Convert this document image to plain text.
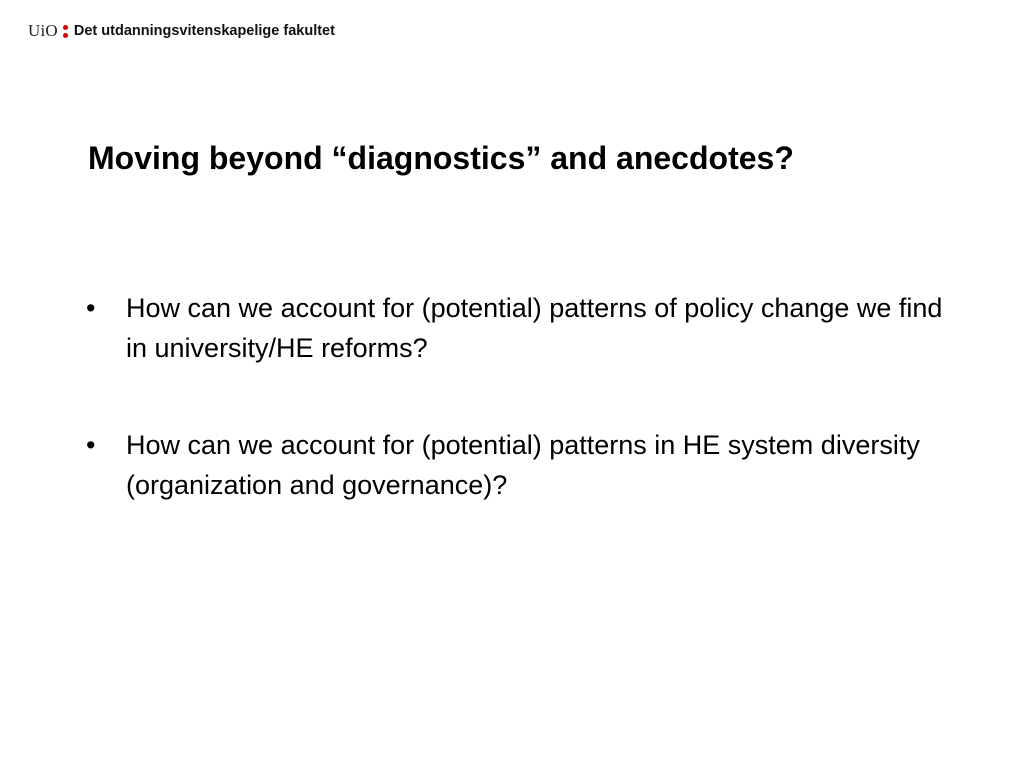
UiO Det utdanningsvitenskapelige fakultet
Moving beyond “diagnostics” and anecdotes?
•	How can we account for (potential) patterns of policy change we find in university/HE reforms?
•	How can we account for (potential) patterns in HE system diversity (organization and governance)?
